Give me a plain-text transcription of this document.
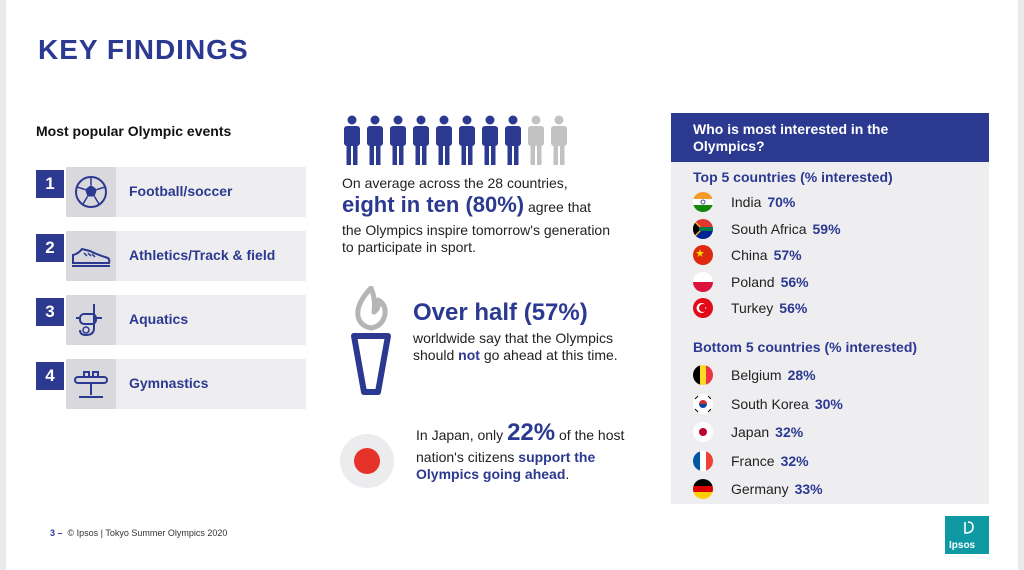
KEY FINDINGS
Most popular Olympic events
1	Football/soccer
2	Athletics/Track & field
3	Aquatics
4	Gymnastics
On average across the 28 countries,
eight in ten (80%) agree that
the Olympics inspire tomorrow's generation
to participate in sport.
Over half (57%)
worldwide say that the Olympics
should not go ahead at this time.
In Japan, only 22% of the host
nation's citizens support the
Olympics going ahead.
Who is most interested in the Olympics?
Top 5 countries (% interested)
India 70%
South Africa 59%
China 57%
Poland 56%
Turkey 56%
Bottom 5 countries (% interested)
Belgium 28%
South Korea 30%
Japan 32%
France 32%
Germany 33%
3 – © Ipsos | Tokyo Summer Olympics 2020
Ipsos
